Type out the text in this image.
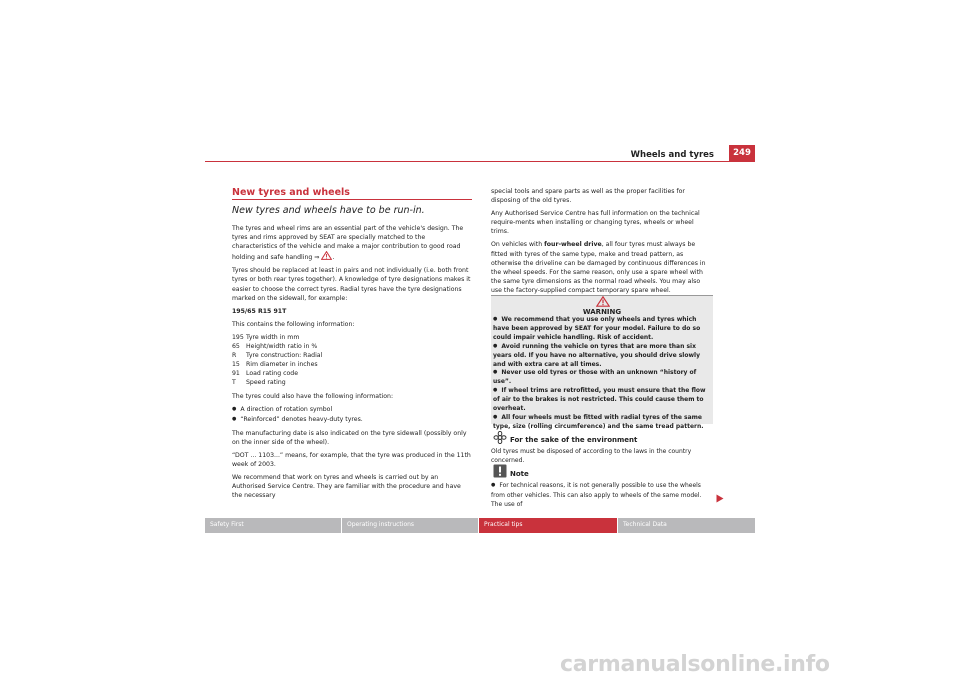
Wheels and tyres	249
New tyres and wheels
New tyres and wheels have to be run-in.

The tyres and wheel rims are an essential part of the vehicle's design. The tyres and rims approved by SEAT are specially matched to the characteristics of the vehicle and make a major contribution to good road holding and safe handling ⇒ .

Tyres should be replaced at least in pairs and not individually (i.e. both front tyres or both rear tyres together). A knowledge of tyre designations makes it easier to choose the correct tyres. Radial tyres have the tyre designations marked on the sidewall, for example:

195/65 R15 91T

This contains the following information:

195 Tyre width in mm
65 Height/width ratio in %
R	Tyre construction: Radial
15 Rim diameter in inches
91 Load rating code
T	Speed rating

The tyres could also have the following information:

● A direction of rotation symbol
● “Reinforced” denotes heavy-duty tyres.

The manufacturing date is also indicated on the tyre sidewall (possibly only on the inner side of the wheel).

“DOT ... 1103...” means, for example, that the tyre was produced in the 11th week of 2003.

We recommend that work on tyres and wheels is carried out by an Authorised Service Centre. They are familiar with the procedure and have the necessary

special tools and spare parts as well as the proper facilities for disposing of the old tyres.

Any Authorised Service Centre has full information on the technical require-ments when installing or changing tyres, wheels or wheel trims.

On vehicles with four-wheel drive, all four tyres must always be fitted with tyres of the same type, make and tread pattern, as otherwise the driveline can be damaged by continuous differences in the wheel speeds. For the same reason, only use a spare wheel with the same tyre dimensions as the normal road wheels. You may also use the factory-supplied compact temporary spare wheel.

WARNING

● We recommend that you use only wheels and tyres which have been approved by SEAT for your model. Failure to do so could impair vehicle handling. Risk of accident.

● Avoid running the vehicle on tyres that are more than six years old. If you have no alternative, you should drive slowly and with extra care at all times.

● Never use old tyres or those with an unknown “history of use”.

● If wheel trims are retrofitted, you must ensure that the flow of air to the brakes is not restricted. This could cause them to overheat.

● All four wheels must be fitted with radial tyres of the same type, size (rolling circumference) and the same tread pattern.

For the sake of the environment
Old tyres must be disposed of according to the laws in the country concerned.
Note
● For technical reasons, it is not generally possible to use the wheels from other vehicles. This can also apply to wheels of the same model. The use of
Safety First	Operating instructions	Practical tips	Technical Data
carmanualsonline.info
